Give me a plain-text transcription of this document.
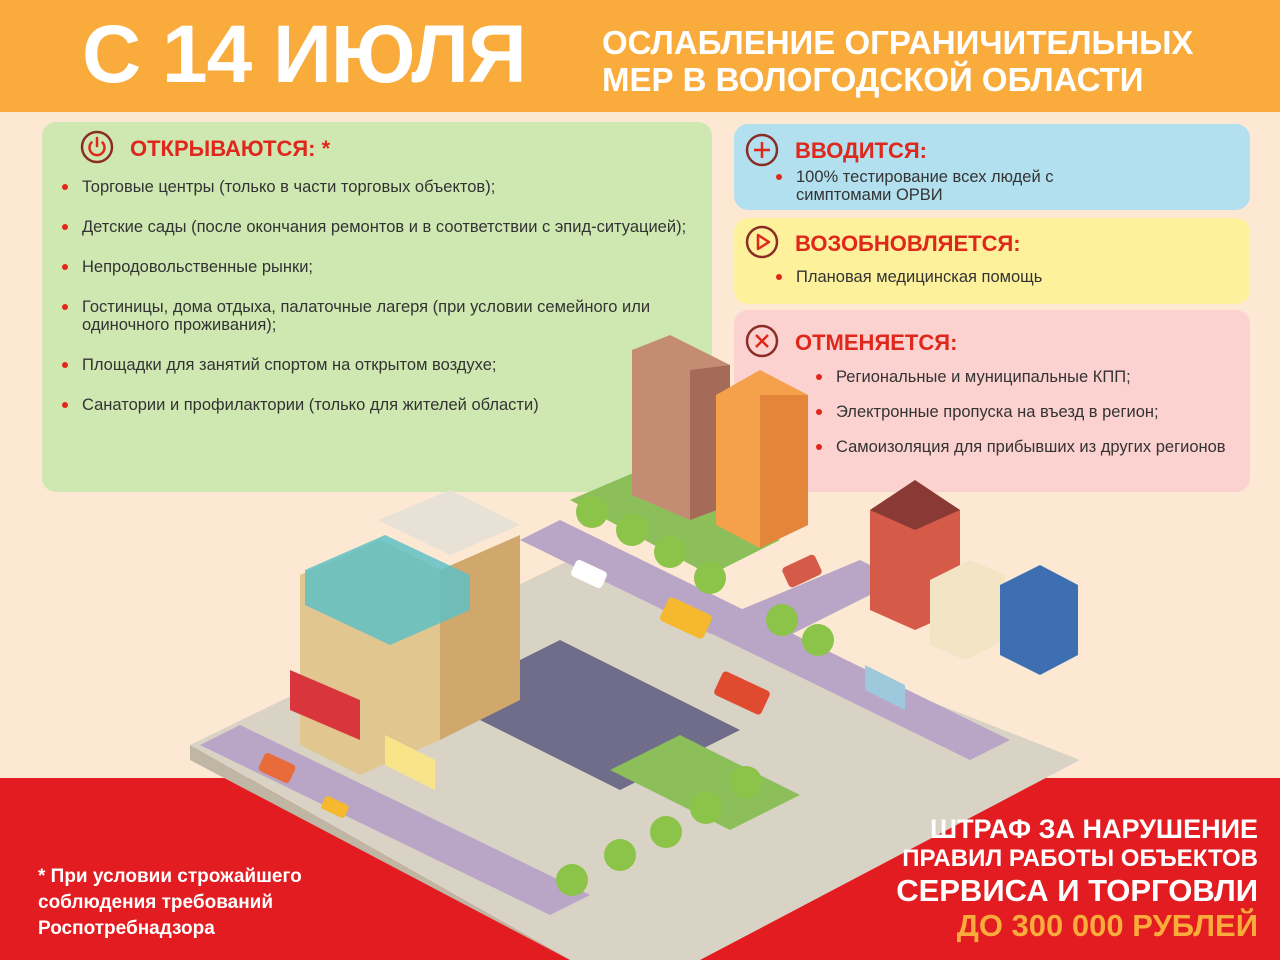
С 14 ИЮЛЯ ОСЛАБЛЕНИЕ ОГРАНИЧИТЕЛЬНЫХ
МЕР В ВОЛОГОДСКОЙ ОБЛАСТИ
ОТКРЫВАЮТСЯ: *
Торговые центры (только в части торговых объектов);
Детские сады (после окончания ремонтов и в соответствии с эпид-ситуацией);
Непродовольственные рынки;
Гостиницы, дома отдыха, палаточные лагеря (при условии семейного или одиночного проживания);
Площадки для занятий спортом на открытом воздухе;
Санатории и профилактории (только для жителей области)
ВВОДИТСЯ:
100% тестирование всех людей с симптомами ОРВИ
ВОЗОБНОВЛЯЕТСЯ:
Плановая медицинская помощь
ОТМЕНЯЕТСЯ:
Региональные и муниципальные КПП;
Электронные пропуска на въезд в регион;
Самоизоляция для прибывших из других регионов
* При условии строжайшего
соблюдения требований
Роспотребнадзора
ШТРАФ ЗА НАРУШЕНИЕ
ПРАВИЛ РАБОТЫ ОБЪЕКТОВ
СЕРВИСА И ТОРГОВЛИ
ДО 300 000 РУБЛЕЙ
